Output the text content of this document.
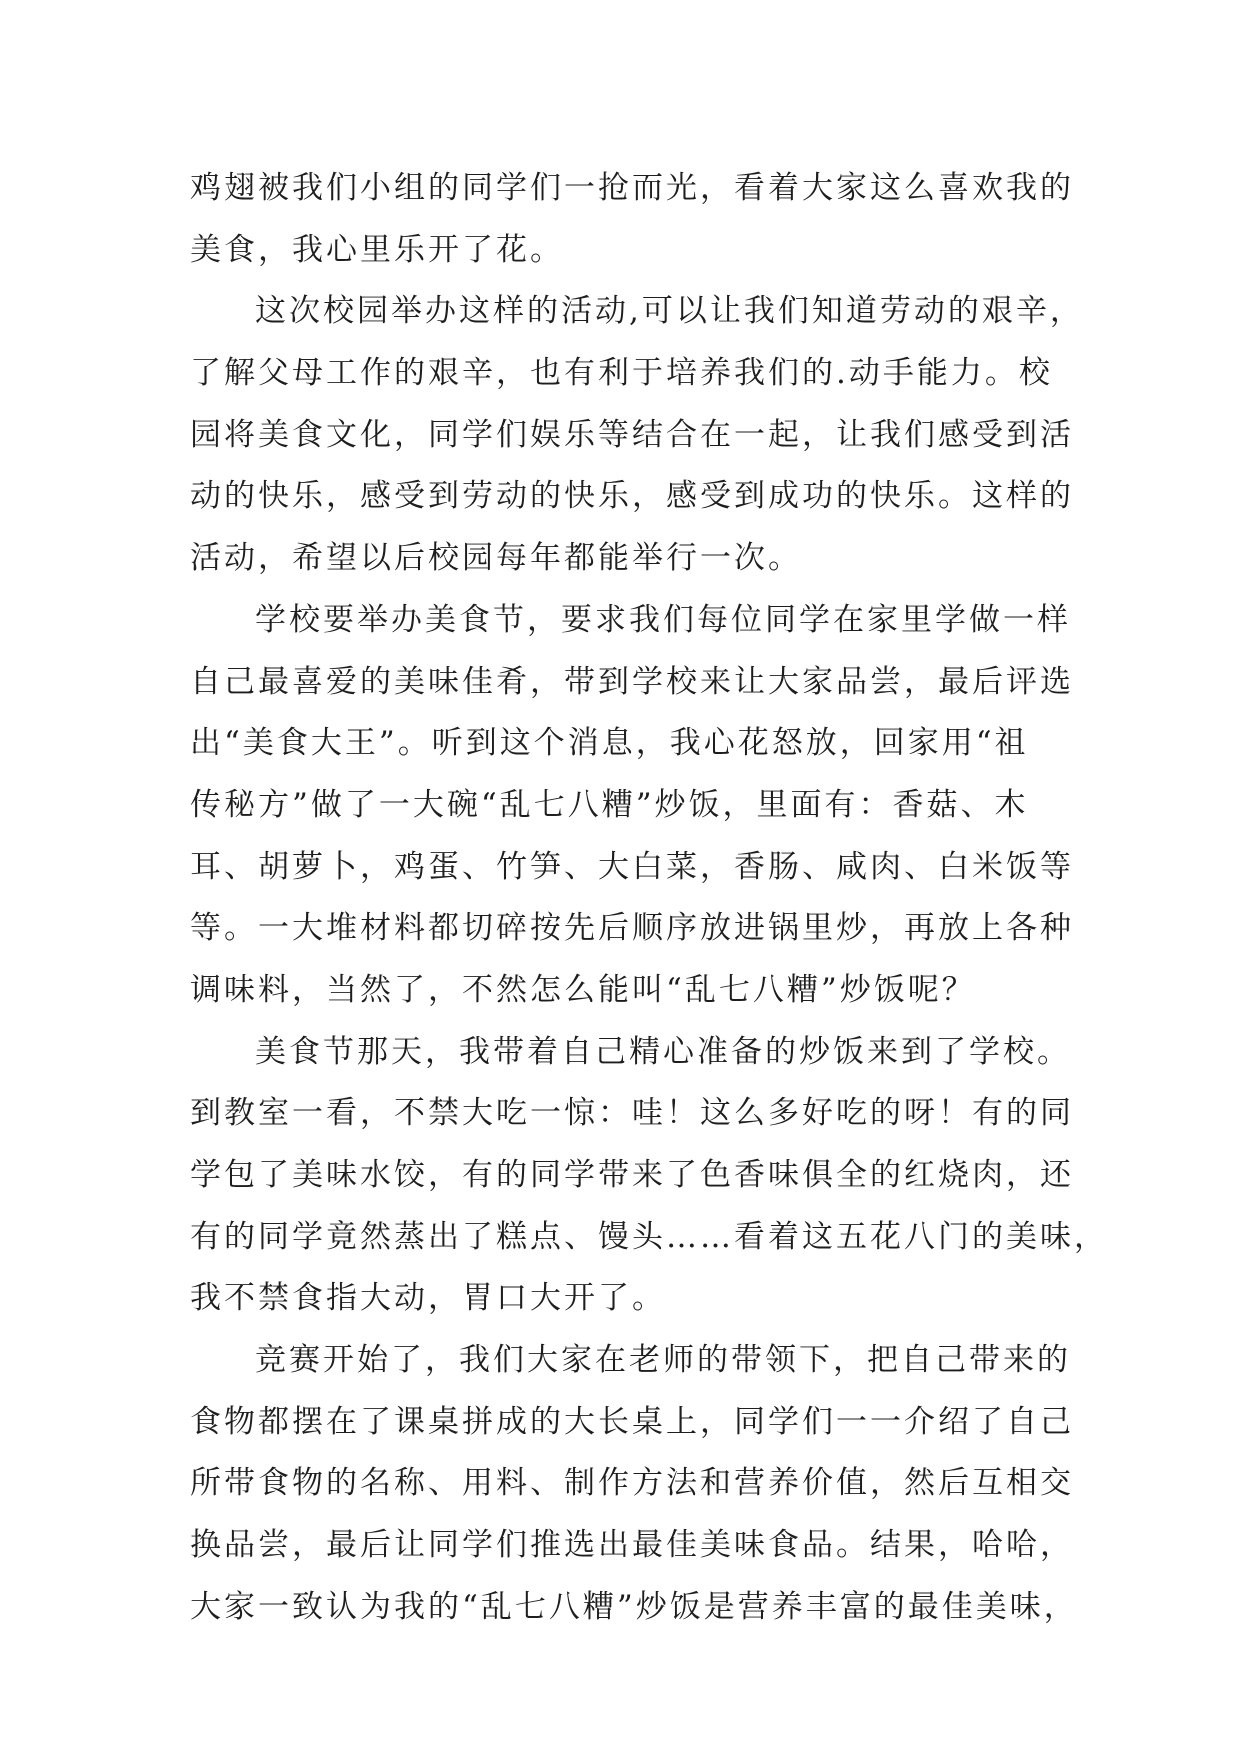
鸡翅被我们小组的同学们一抢而光，看着大家这么喜欢我的
美食，我心里乐开了花。
这次校园举办这样的活动,可以让我们知道劳动的艰辛，
了解父母工作的艰辛，也有利于培养我们的.动手能力。校
园将美食文化，同学们娱乐等结合在一起，让我们感受到活
动的快乐，感受到劳动的快乐，感受到成功的快乐。这样的
活动，希望以后校园每年都能举行一次。
学校要举办美食节，要求我们每位同学在家里学做一样
自己最喜爱的美味佳肴，带到学校来让大家品尝，最后评选
出“美食大王”。听到这个消息，我心花怒放，回家用“祖
传秘方”做了一大碗“乱七八糟”炒饭，里面有：香菇、木
耳、胡萝卜，鸡蛋、竹笋、大白菜，香肠、咸肉、白米饭等
等。一大堆材料都切碎按先后顺序放进锅里炒，再放上各种
调味料，当然了，不然怎么能叫“乱七八糟”炒饭呢？
美食节那天，我带着自己精心准备的炒饭来到了学校。
到教室一看，不禁大吃一惊：哇！这么多好吃的呀！有的同
学包了美味水饺，有的同学带来了色香味俱全的红烧肉，还
有的同学竟然蒸出了糕点、馒头……看着这五花八门的美味，
我不禁食指大动，胃口大开了。
竞赛开始了，我们大家在老师的带领下，把自己带来的
食物都摆在了课桌拼成的大长桌上，同学们一一介绍了自己
所带食物的名称、用料、制作方法和营养价值，然后互相交
换品尝，最后让同学们推选出最佳美味食品。结果，哈哈，
大家一致认为我的“乱七八糟”炒饭是营养丰富的最佳美味，
